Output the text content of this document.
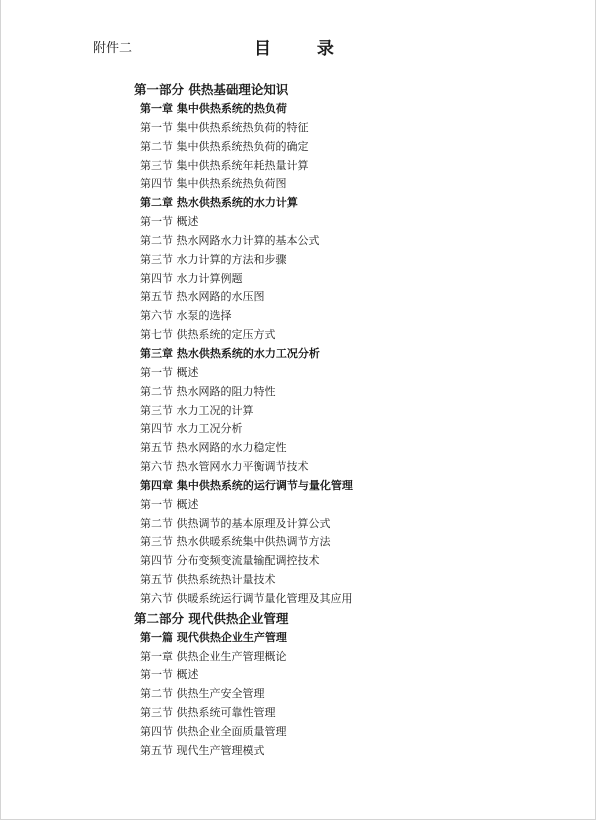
附件二	目 录
第一部分 供热基础理论知识
第一章 集中供热系统的热负荷
第一节 集中供热系统热负荷的特征
第二节 集中供热系统热负荷的确定
第三节 集中供热系统年耗热量计算
第四节 集中供热系统热负荷图
第二章 热水供热系统的水力计算
第一节 概述
第二节 热水网路水力计算的基本公式
第三节 水力计算的方法和步骤
第四节 水力计算例题
第五节 热水网路的水压图
第六节 水泵的选择
第七节 供热系统的定压方式
第三章 热水供热系统的水力工况分析
第一节 概述
第二节 热水网路的阻力特性
第三节 水力工况的计算
第四节 水力工况分析
第五节 热水网路的水力稳定性
第六节 热水管网水力平衡调节技术
第四章 集中供热系统的运行调节与量化管理
第一节 概述
第二节 供热调节的基本原理及计算公式
第三节 热水供暖系统集中供热调节方法
第四节 分布变频变流量输配调控技术
第五节 供热系统热计量技术
第六节 供暖系统运行调节量化管理及其应用
第二部分 现代供热企业管理
第一篇 现代供热企业生产管理
第一章 供热企业生产管理概论
第一节 概述
第二节 供热生产安全管理
第三节 供热系统可靠性管理
第四节 供热企业全面质量管理
第五节 现代生产管理模式
